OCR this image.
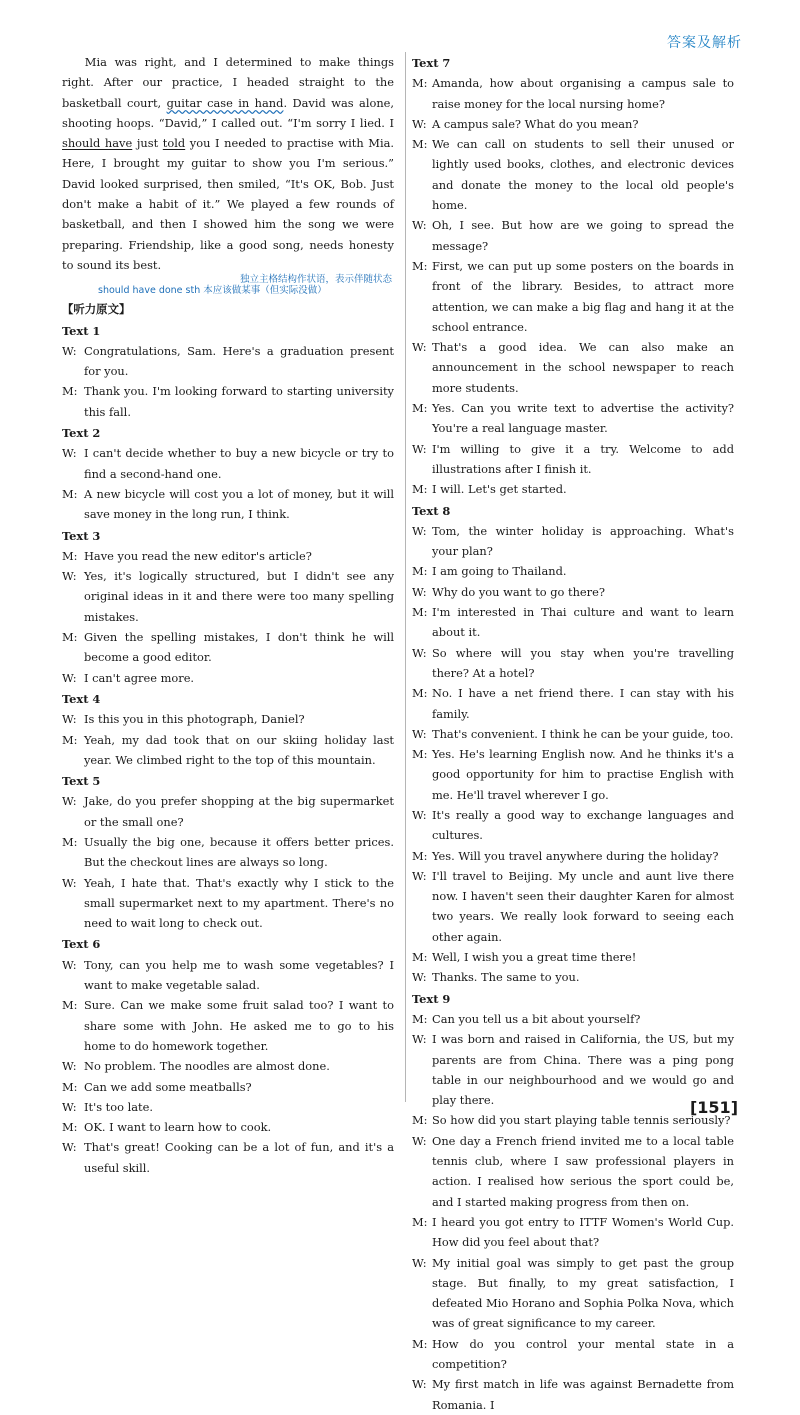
答案及解析

Mia was right, and I determined to make things right. After our practice, I headed straight to the basketball court, guitar case in hand. David was alone, shooting hoops. “David,” I called out. “I'm sorry I lied. I should have just told you I needed to practise with Mia. Here, I brought my guitar to show you I'm serious.” David looked surprised, then smiled, “It's OK, Bob. Just don't make a habit of it.” We played a few rounds of basketball, and then I showed him the song we were preparing. Friendship, like a good song, needs honesty to sound its best.

独立主格结构作状语，表示伴随状态
should have done sth 本应该做某事（但实际没做）
【听力原文】
Text 1
W: Congratulations, Sam. Here's a graduation present for you.
M: Thank you. I'm looking forward to starting university this fall.
Text 2
W: I can't decide whether to buy a new bicycle or try to find a second-hand one.
M: A new bicycle will cost you a lot of money, but it will save money in the long run, I think.
Text 3
M: Have you read the new editor's article?
W: Yes, it's logically structured, but I didn't see any original ideas in it and there were too many spelling mistakes.
M: Given the spelling mistakes, I don't think he will become a good editor.
W: I can't agree more.
Text 4
W: Is this you in this photograph, Daniel?
M: Yeah, my dad took that on our skiing holiday last year. We climbed right to the top of this mountain.
Text 5
W: Jake, do you prefer shopping at the big supermarket or the small one?
M: Usually the big one, because it offers better prices. But the checkout lines are always so long.
W: Yeah, I hate that. That's exactly why I stick to the small supermarket next to my apartment. There's no need to wait long to check out.
Text 6
W: Tony, can you help me to wash some vegetables? I want to make vegetable salad.
M: Sure. Can we make some fruit salad too? I want to share some with John. He asked me to go to his home to do homework together.
W: No problem. The noodles are almost done.
M: Can we add some meatballs?
W: It's too late.
M: OK. I want to learn how to cook.
W: That's great! Cooking can be a lot of fun, and it's a useful skill.
Text 7
M: Amanda, how about organising a campus sale to raise money for the local nursing home?
W: A campus sale? What do you mean?
M: We can call on students to sell their unused or lightly used books, clothes, and electronic devices and donate the money to the local old people's home.
W: Oh, I see. But how are we going to spread the message?
M: First, we can put up some posters on the boards in front of the library. Besides, to attract more attention, we can make a big flag and hang it at the school entrance.
W: That's a good idea. We can also make an announcement in the school newspaper to reach more students.
M: Yes. Can you write text to advertise the activity? You're a real language master.
W: I'm willing to give it a try. Welcome to add illustrations after I finish it.
M: I will. Let's get started.
Text 8
W: Tom, the winter holiday is approaching. What's your plan?
M: I am going to Thailand.
W: Why do you want to go there?
M: I'm interested in Thai culture and want to learn about it.
W: So where will you stay when you're travelling there? At a hotel?
M: No. I have a net friend there. I can stay with his family.
W: That's convenient. I think he can be your guide, too.
M: Yes. He's learning English now. And he thinks it's a good opportunity for him to practise English with me. He'll travel wherever I go.
W: It's really a good way to exchange languages and cultures.
M: Yes. Will you travel anywhere during the holiday?
W: I'll travel to Beijing. My uncle and aunt live there now. I haven't seen their daughter Karen for almost two years. We really look forward to seeing each other again.
M: Well, I wish you a great time there!
W: Thanks. The same to you.
Text 9
M: Can you tell us a bit about yourself?
W: I was born and raised in California, the US, but my parents are from China. There was a ping pong table in our neighbourhood and we would go and play there.
M: So how did you start playing table tennis seriously?
W: One day a French friend invited me to a local table tennis club, where I saw professional players in action. I realised how serious the sport could be, and I started making progress from then on.
M: I heard you got entry to ITTF Women's World Cup. How did you feel about that?
W: My initial goal was simply to get past the group stage. But finally, to my great satisfaction, I defeated Mio Horano and Sophia Polka Nova, which was of great significance to my career.
M: How do you control your mental state in a competition?
W: My first match in life was against Bernadette from Romania. I
[151]
